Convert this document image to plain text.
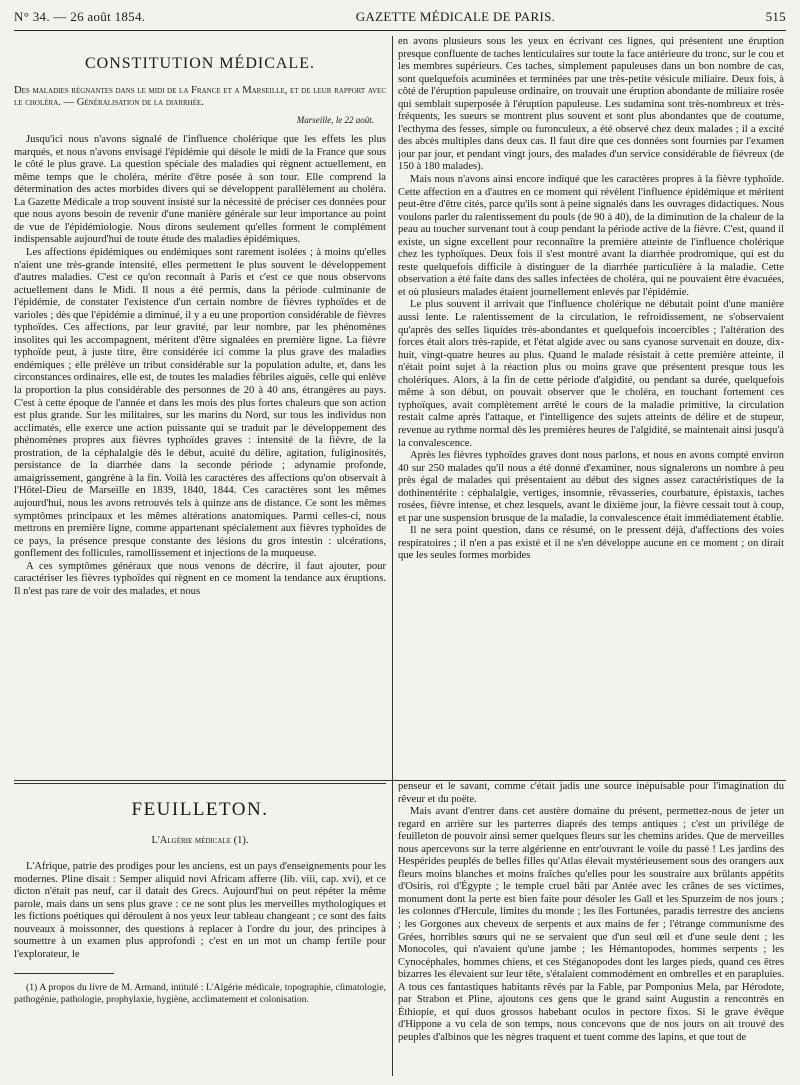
N° 34. — 26 août 1854.	GAZETTE MÉDICALE DE PARIS.	515
CONSTITUTION MÉDICALE.
Des maladies régnantes dans le midi de la France et a Marseille, et de leur rapport avec le choléra. — Généralisation de la diarrhée.
Marseille, le 22 août.

Jusqu'ici nous n'avons signalé de l'influence cholérique que les effets les plus marqués, et nous n'avons envisagé l'épidémie qui désole le midi de la France que sous le côté le plus grave. La question spéciale des maladies qui règnent actuellement, en même temps que le choléra, mérite d'être posée à son tour. Elle comprend la détermination des actes morbides divers qui se développent parallèlement au choléra. La Gazette Médicale a trop souvent insisté sur la nécessité de préciser ces données pour que nous ayons besoin de revenir d'une manière générale sur leur importance au point de vue de l'épidémiologie. Nous dirons seulement qu'elles forment le complément indispensable aujourd'hui de toute étude des maladies épidémiques.

Les affections épidémiques ou endémiques sont rarement isolées ; à moins qu'elles n'aient une très-grande intensité, elles permettent le plus souvent le développement d'autres maladies. C'est ce qu'on reconnaît à Paris et c'est ce que nous observons actuellement dans le Midi. Il nous a été permis, dans la période culminante de l'épidémie, de constater l'existence d'un certain nombre de fièvres typhoïdes et de varioles ; dès que l'épidémie a diminué, il y a eu une proportion considérable de fièvres typhoïdes. Ces affections, par leur gravité, par leur nombre, par les phénomènes insolites qui les accompagnent, méritent d'être signalées en première ligne. La fièvre typhoïde peut, à juste titre, être considérée ici comme la plus grave des maladies endémiques ; elle prélève un tribut considérable sur la population adulte, et, dans les circonstances ordinaires, elle est, de toutes les maladies fébriles aiguës, celle qui enlève la proportion la plus considérable des personnes de 20 à 40 ans, étrangères au pays. C'est à cette époque de l'année et dans les mois des plus fortes chaleurs que son action est plus grande. Sur les militaires, sur les marins du Nord, sur tous les individus non acclimatés, elle exerce une action puissante qui se traduit par le développement des phénomènes propres aux fièvres typhoïdes graves : intensité de la fièvre, de la prostration, de la céphalalgie dès le début, acuité du délire, agitation, fuliginosités, persistance de la diarrhée dans la seconde période ; adynamie profonde, amaigrissement, gangrène à la fin. Voilà les caractères des affections qu'on observait à l'Hôtel-Dieu de Marseille en 1839, 1840, 1844. Ces caractères sont les mêmes aujourd'hui, nous les avons retrouvés tels à quinze ans de distance. Ce sont les mêmes symptômes principaux et les mêmes altérations anatomiques. Parmi celles-ci, nous mettrons en première ligne, comme appartenant spécialement aux fièvres typhoïdes de ce pays, la présence presque constante des lésions du gros intestin : ulcérations, gonflement des follicules, ramollissement et injections de la muqueuse.

A ces symptômes généraux que nous venons de décrire, il faut ajouter, pour caractériser les fièvres typhoïdes qui règnent en ce moment la tendance aux éruptions. Il n'est pas rare de voir des malades, et nous

en avons plusieurs sous les yeux en écrivant ces lignes, qui présentent une éruption presque confluente de taches lenticulaires sur toute la face antérieure du tronc, sur le cou et les membres supérieurs. Ces taches, simplement papuleuses dans un bon nombre de cas, sont quelquefois acuminées et terminées par une très-petite vésicule miliaire. Deux fois, à côté de l'éruption papuleuse ordinaire, on trouvait une éruption abondante de miliaire rosée qui semblait superposée à l'éruption papuleuse. Les sudamina sont très-nombreux et très-fréquents, les sueurs se montrent plus souvent et sont plus abondantes que de coutume, l'ecthyma des fesses, simple ou furonculeux, a été observé chez deux malades ; il a excité des abcès multiples dans deux cas. Il faut dire que ces données sont fournies par l'examen jour par jour, et pendant vingt jours, des malades d'un service considérable de fiévreux (de 150 à 180 malades).

Mais nous n'avons ainsi encore indiqué que les caractères propres à la fièvre typhoïde. Cette affection en a d'autres en ce moment qui révèlent l'influence épidémique et méritent peut-être d'être cités, parce qu'ils sont à peine signalés dans les ouvrages didactiques. Nous voulons parler du ralentissement du pouls (de 90 à 40), de la diminution de la chaleur de la peau au toucher survenant tout à coup pendant la période active de la fièvre. C'est, quand il existe, un signe excellent pour reconnaître la première atteinte de l'influence cholérique chez les typhoïques. Deux fois il s'est montré avant la diarrhée prodromique, qui est du reste quelquefois difficile à distinguer de la diarrhée particulière à la maladie. Cette observation a été faite dans des salles infectées de choléra, qui ne pouvaient être évacuées, et où plusieurs malades étaient journellement enlevés par l'épidémie.

Le plus souvent il arrivait que l'influence cholérique ne débutait point d'une manière aussi lente. Le ralentissement de la circulation, le refroidissement, ne s'observaient qu'après des selles liquides très-abondantes et quelquefois incoercibles ; l'altération des forces était alors très-rapide, et l'état algide avec ou sans cyanose survenait en douze, dix-huit, vingt-quatre heures au plus. Quand le malade résistait à cette première atteinte, il n'était point sujet à la réaction plus ou moins grave que présentent presque tous les cholériques. Alors, à la fin de cette période d'algidité, ou pendant sa durée, quelquefois même à son début, on pouvait observer que le choléra, en touchant fortement ces typhoïques, avait complètement arrêté le cours de la maladie primitive, la circulation restait calme après l'attaque, et l'intelligence des sujets atteints de délire et de stupeur, revenue au rythme normal dès les premières heures de l'algidité, se maintenait ainsi jusqu'à la convalescence.

Après les fièvres typhoïdes graves dont nous parlons, et nous en avons compté environ 40 sur 250 malades qu'il nous a été donné d'examiner, nous signalerons un nombre à peu près égal de malades qui présentaient au début des signes assez caractéristiques de la dothinentérite : céphalalgie, vertiges, insomnie, rêvasseries, courbature, épistaxis, taches rosées, fièvre intense, et chez lesquels, avant le dixième jour, la fièvre cessait tout à coup, et par une suspension brusque de la maladie, la convalescence était immédiatement établie.

Il ne sera point question, dans ce résumé, on le pressent déjà, d'affections des voies respiratoires ; il n'en a pas existé et il ne s'en développe aucune en ce moment ; on dirait que les seules formes morbides

FEUILLETON.
L'Algérie médicale (1).

L'Afrique, patrie des prodiges pour les anciens, est un pays d'enseignements pour les modernes. Pline disait : Semper aliquid novi Africam afferre (lib. viii, cap. xvi), et ce dicton n'était pas neuf, car il datait des Grecs. Aujourd'hui on peut répéter la même parole, mais dans un sens plus grave : ce ne sont plus les merveilles mythologiques et les fictions poétiques qui déroulent à nos yeux leur tableau changeant ; ce sont des faits nouveaux à moissonner, des questions à replacer à l'ordre du jour, des principes à soumettre à un examen plus approfondi ; c'est en un mot un champ fertile pour l'explorateur, le

(1) A propos du livre de M. Armand, intitulé : L'Algérie médicale, topographie, climatologie, pathogénie, pathologie, prophylaxie, hygiène, acclimatement et colonisation.

penseur et le savant, comme c'était jadis une source inépuisable pour l'imagination du rêveur et du poëte.

Mais avant d'entrer dans cet austère domaine du présent, permettez-nous de jeter un regard en arrière sur les parterres diaprés des temps antiques ; c'est un privilége de feuilleton de pouvoir ainsi semer quelques fleurs sur les chemins arides. Que de merveilles nous apercevons sur la terre algérienne en entr'ouvrant le voile du passé ! Les jardins des Hespérides peuplés de belles filles qu'Atlas élevait mystérieusement sous des orangers aux fleurs moins blanches et moins fraîches qu'elles pour les soustraire aux brûlants appétits d'Osiris, roi d'Égypte ; le temple cruel bâti par Antée avec les crânes de ses victimes, monument dont la perte est bien faite pour désoler les Gall et les Spurzeim de nos jours ; les colonnes d'Hercule, limites du monde ; les îles Fortunées, paradis terrestre des anciens ; les Gorgones aux cheveux de serpents et aux mains de fer ; l'étrange communisme des Grées, horribles sœurs qui ne se servaient que d'un seul œil et d'une seule dent ; les Monocoles, qui n'avaient qu'une jambe ; les Hémantopodes, hommes serpents ; les Cynocéphales, hommes chiens, et ces Stéganopodes dont les larges pieds, quand ces êtres bizarres les élevaient sur leur tête, s'étalaient commodément en ombrelles et en parapluies. A tous ces fantastiques habitants rêvés par la Fable, par Pomponius Mela, par Hérodote, par Strabon et Pline, ajoutons ces gens que le grand saint Augustin a rencontrés en Éthiopie, et qui duos grossos habebant oculos in pectore fixos. Si le grave évêque d'Hippone a vu cela de son temps, nous concevons que de nos jours on ait trouvé des peuples d'albinos que les nègres traquent et tuent comme des lapins, et que tout de
